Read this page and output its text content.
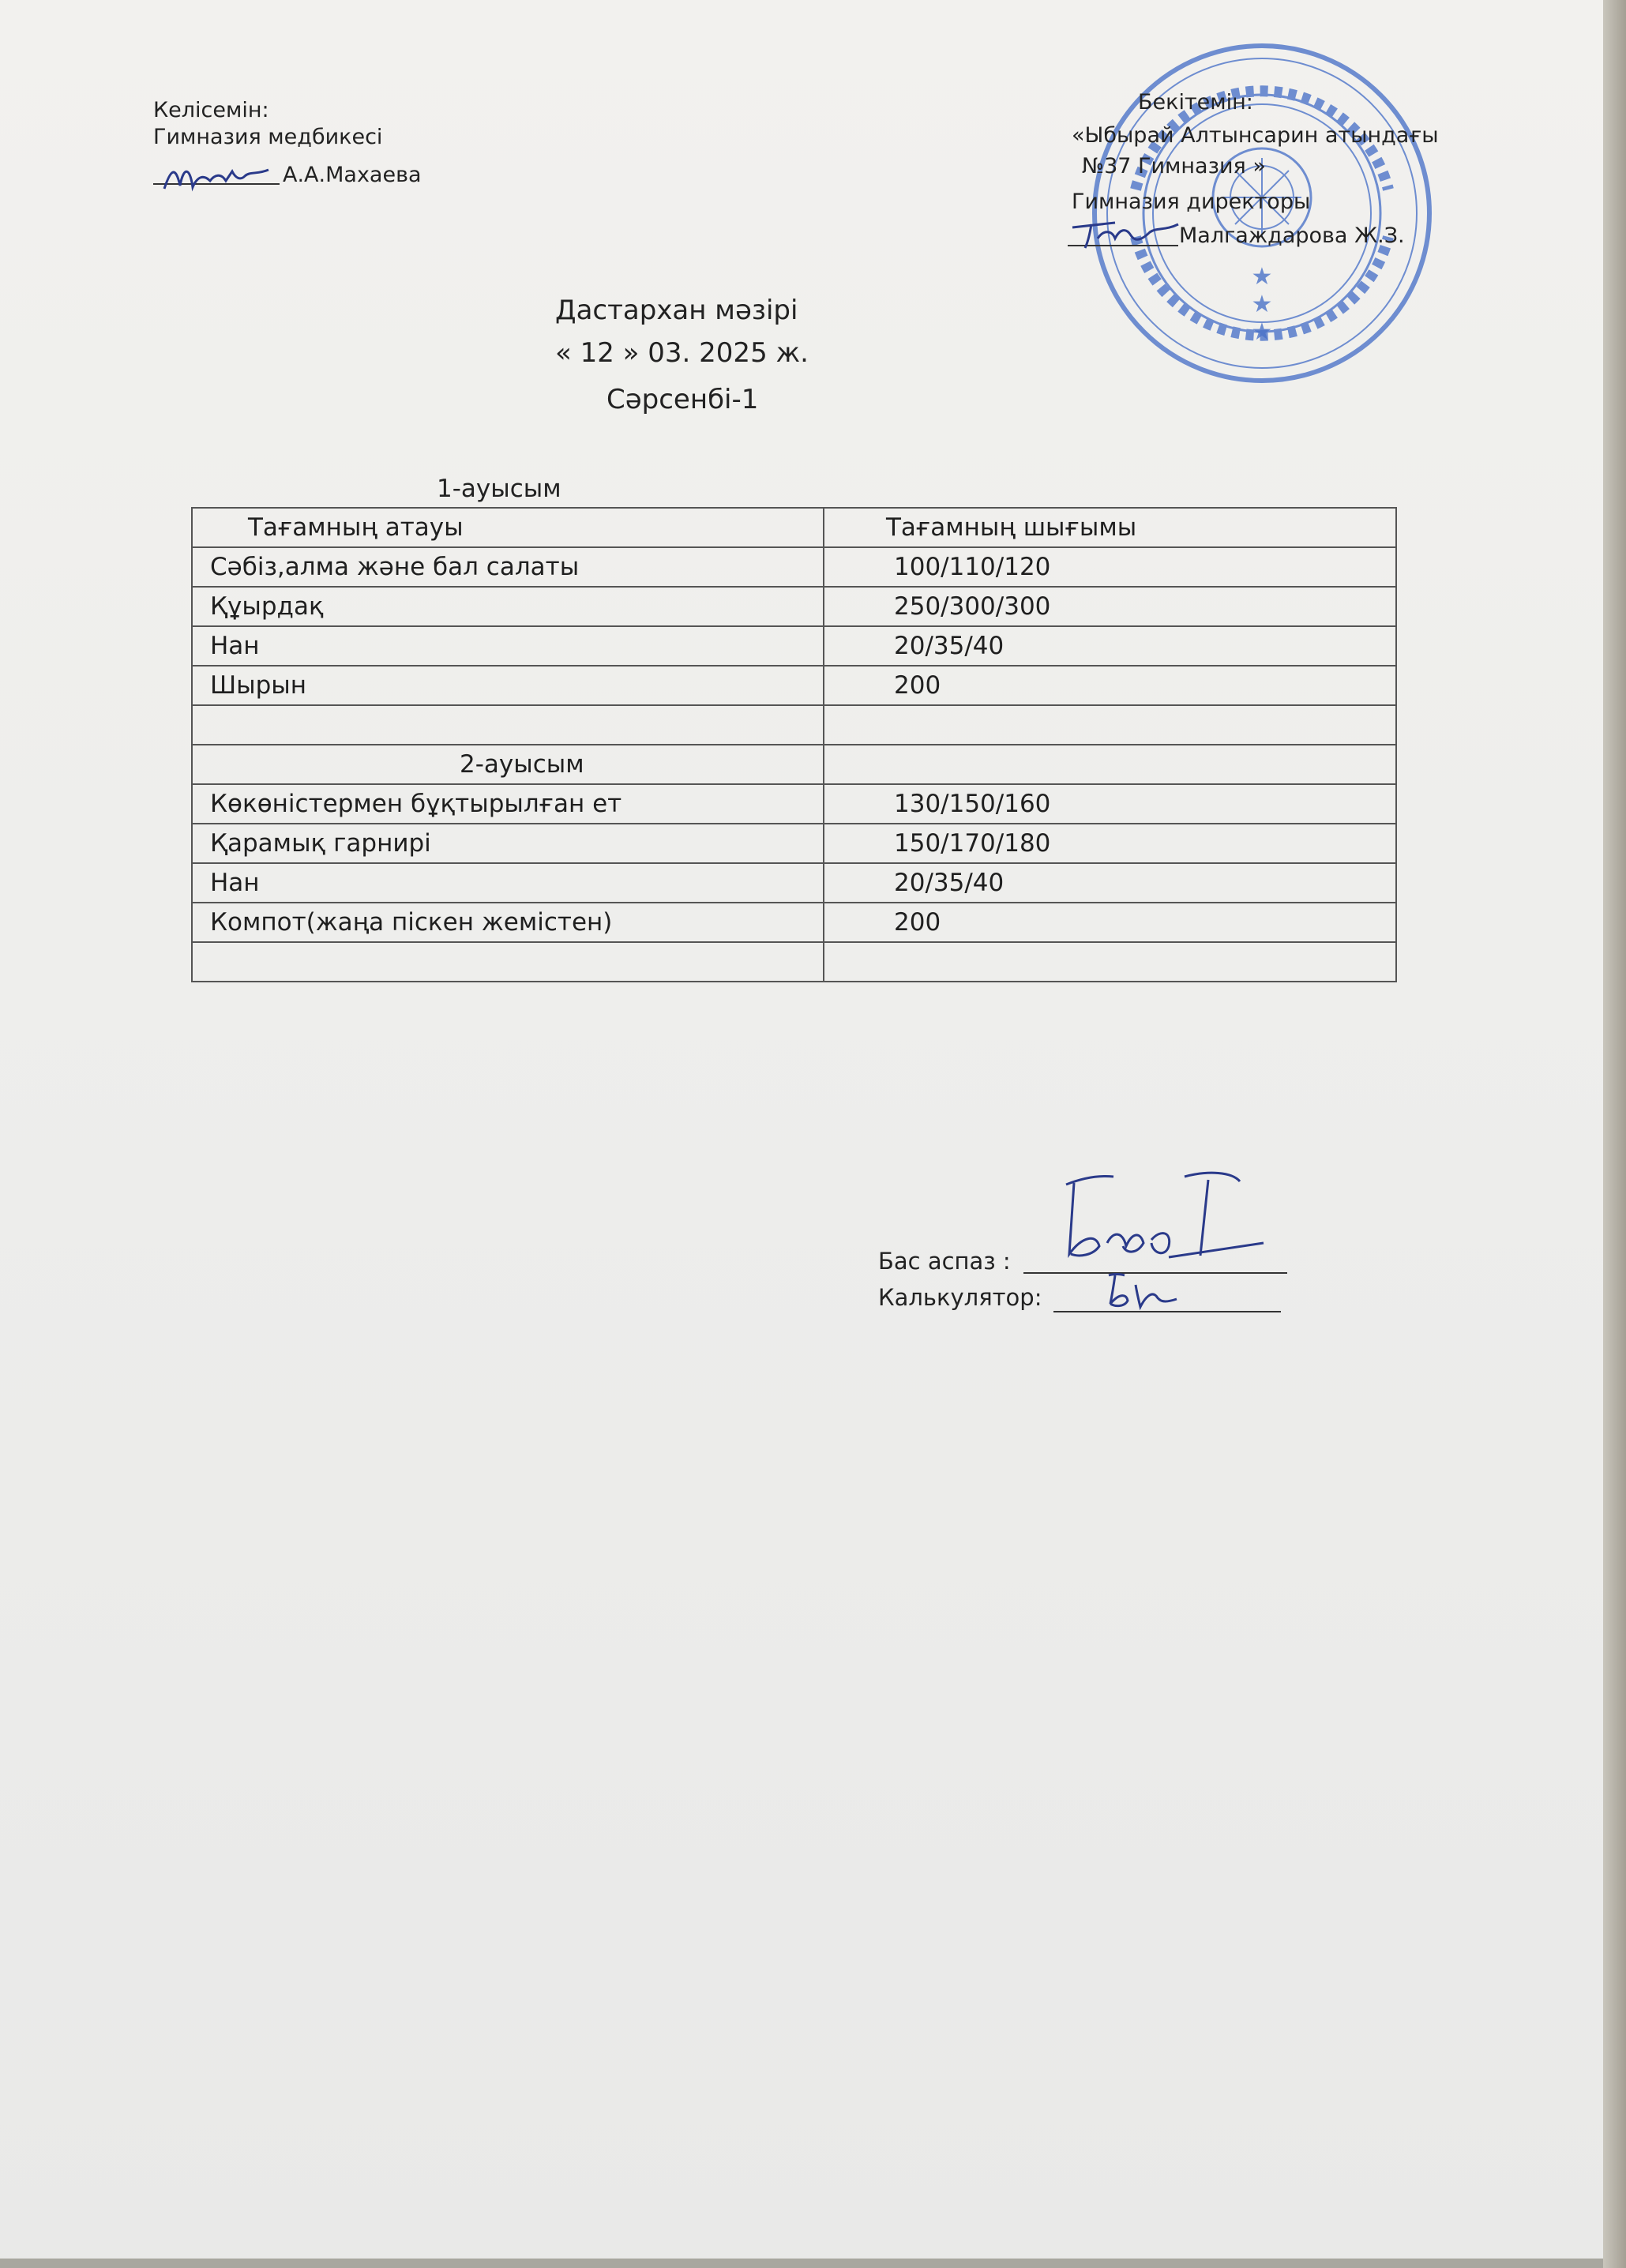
Келісемін:
Гимназия медбикесі
А.А.Махаева
★
★
★
Бекітемін:
«Ыбырай Алтынсарин атындағы
№37 Гимназия »
Гимназия директоры
Малгаждарова Ж.З.
Дастархан мәзірі
« 12 » 03. 2025 ж.
Сәрсенбі-1
1-ауысым
Тағамның атауы	Тағамның шығымы
Сәбіз,алма және бал салаты	100/110/120
Құырдақ	250/300/300
Нан	20/35/40
Шырын	200

2-ауысым	
Көкөністермен бұқтырылған ет	130/150/160
Қарамық гарнирі	150/170/180
Нан	20/35/40
Компот(жаңа піскен жемістен)	200

Бас аспаз :
Калькулятор:
